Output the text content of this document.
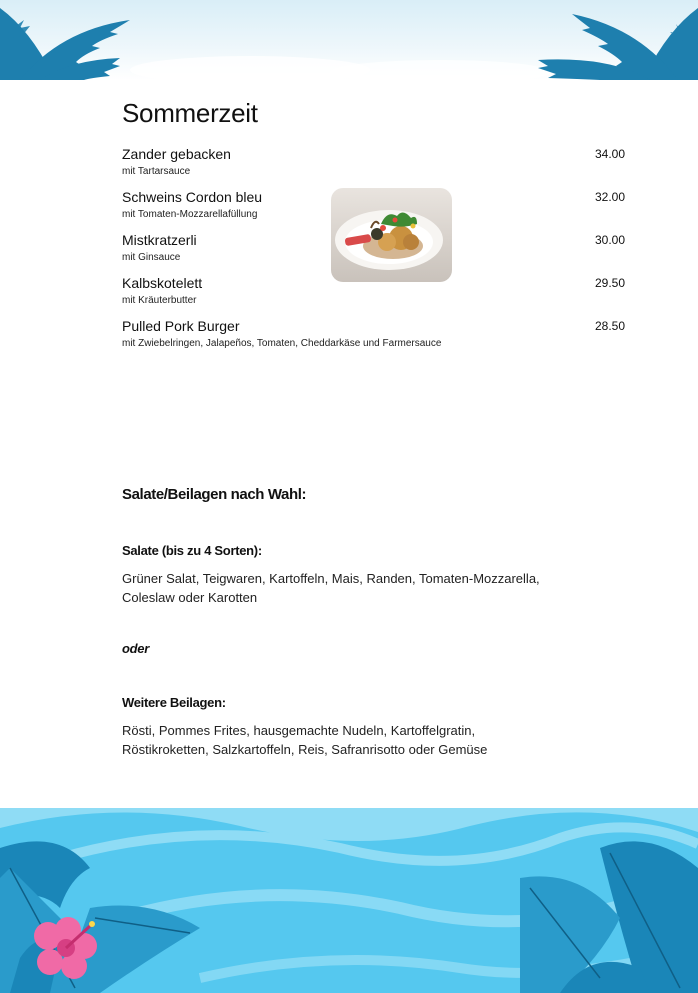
Sommerzeit
Zander gebacken
mit Tartarsauce
34.00
Schweins Cordon bleu
mit Tomaten-Mozzarellafüllung
32.00
Mistkratzerli
mit Ginsauce
30.00
Kalbskotelett
mit Kräuterbutter
29.50
Pulled Pork Burger
mit Zwiebelringen, Jalapeños, Tomaten, Cheddarkäse und Farmersauce
28.50
Salate/Beilagen nach Wahl:
Salate (bis zu 4 Sorten):
Grüner Salat, Teigwaren, Kartoffeln, Mais, Randen, Tomaten-Mozzarella, Coleslaw oder Karotten
oder
Weitere Beilagen:
Rösti, Pommes Frites, hausgemachte Nudeln, Kartoffelgratin, Röstikroketten, Salzkartoffeln, Reis, Safranrisotto oder Gemüse
